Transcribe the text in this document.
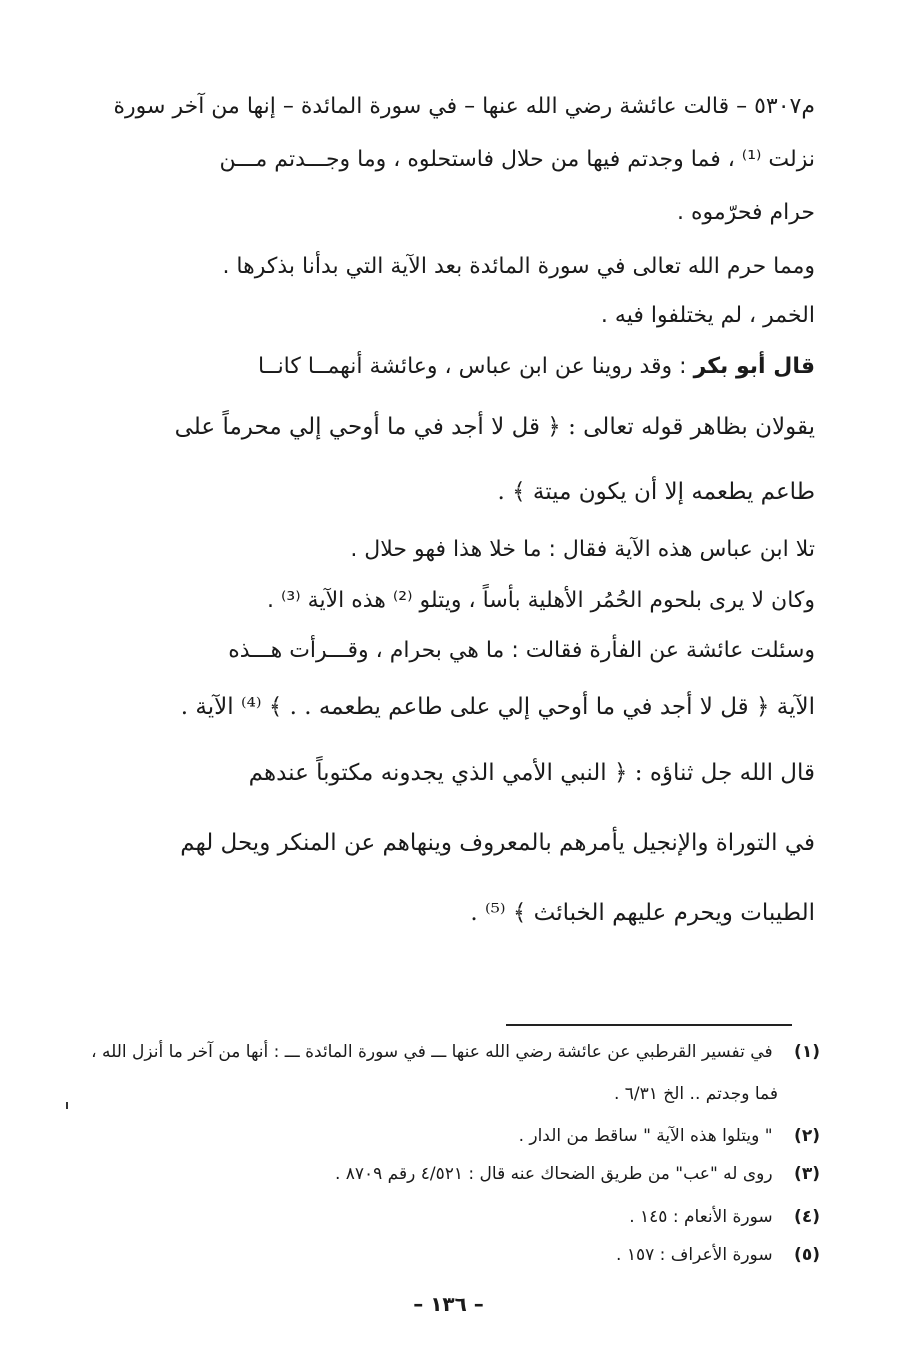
م٥٣٠٧ – قالت عائشة رضي الله عنها – في سورة المائدة – إنها من آخر سورة
نزلت ⁽¹⁾ ، فما وجدتم فيها من حلال فاستحلوه ، وما وجـــدتم مـــن
حرام فحرّموه .
ومما حرم الله تعالى في سورة المائدة بعد الآية التي بدأنا بذكرها .
الخمر ، لم يختلفوا فيه .
قال أبو بكر : وقد روينا عن ابن عباس ، وعائشة أنهمــا كانــا
يقولان بظاهر قوله تعالى : ﴿ قل لا أجد في ما أوحي إلي محرماً على
طاعم يطعمه إلا أن يكون ميتة ﴾ .
تلا ابن عباس هذه الآية فقال : ما خلا هذا فهو حلال .
وكان لا يرى بلحوم الحُمُر الأهلية بأساً ، ويتلو ⁽²⁾ هذه الآية ⁽³⁾ .
وسئلت عائشة عن الفأرة فقالت : ما هي بحرام ، وقـــرأت هـــذه
الآية ﴿ قل لا أجد في ما أوحي إلي على طاعم يطعمه . . ﴾ ⁽⁴⁾ الآية .
قال الله جل ثناؤه : ﴿ النبي الأمي الذي يجدونه مكتوباً عندهم
في التوراة والإنجيل يأمرهم بالمعروف وينهاهم عن المنكر ويحل لهم
الطيبات ويحرم عليهم الخبائث ﴾ ⁽⁵⁾ .
(١) في تفسير القرطبي عن عائشة رضي الله عنها ـــ في سورة المائدة ـــ : أنها من آخر ما أنزل الله ،
فما وجدتم .. الخ ٦/٣١ .
(٢) " ويتلوا هذه الآية " ساقط من الدار .
(٣) روى له "عب" من طريق الضحاك عنه قال : ٤/٥٢١ رقم ٨٧٠٩ .
(٤) سورة الأنعام : ١٤٥ .
(٥) سورة الأعراف : ١٥٧ .
– ١٣٦ –
